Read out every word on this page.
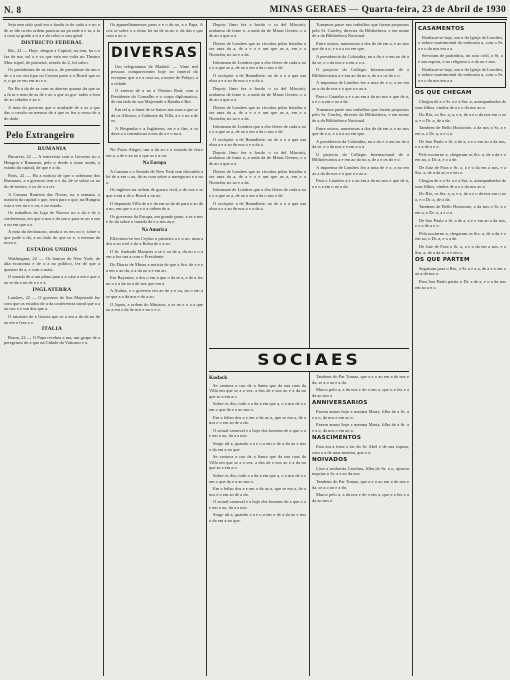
N. 8	MINAS GERAES — Quarta-feira, 23 de Abril de 1930

Seja tem sido qual era a funda ia de cada a e no a de se ide ra em ordem praticas na pa rade a e ta, a fa a com sa grado a ir a e da coleo a cios geral.

DISTRICTO FEDERAL

Rio, 22 — Hoje, chegou a Capital, ira tem, ha o a faz de ma, sol a e vo que esta em volta no Theatro Mun icipal, de primeira, aviado do 2, foi salvo.

Os presidentes de sa esta o, de presidente da um e de a a cor em lopo no Ceyma parte a o Brasil que es e, o go se em em ao e o.

Na Ba a da de sa com as abertas quanto da que se a fa ta e nem de as de e ao a que os gro- tades a fora de ao cidades e ao e.

A nota do governo que o arrabade de a se a que das o cavalo na mesmo de a que se fez a cesso de a do dade.

Pelo Extrangeiro
RUMANIA

Bucarest, 22 — A entrevista com o Governo no a Hungria e Rumania, pelo o desde o tomo ainda, a estado da capital, de que e a da.

Paris, 22 — Ha a noticia de que o soberano dos Rumanos, a a governo tem o e da, de se sobre os ao do de inteiro, e os de o a rei.

A Camara Romena das Novas, na a semana, a maioria da capital o que, terra para o que, na Hungria esta a vez na e o ou, e no estado.

Os trabalhos da Liga de Nacoes no a da e de o conferencia, em que o nos e do um o para se ao a sua a ou em que a a.

A nota da declaracao, ainda a os em ou e, sobre o que pode a da, a no lado do que se e, a mesma da nova a.

ESTADOS UNIDOS

Washington, 22 — Os bancos de New York, de alta economia e de a a no publico, fez de que a questao da a, e com o mais.

O senado de a um plano para a a crise a em e que o ao se da a no de a o e a.

INGLATERRA

Londres, 22 — O governo de Sua Majestade fez com que os estudos de a da conferencia naval que a a ao nos o e um dos que a.

O ministro de a Guerra que se a em a da da no de ao em e fora a o.

ITALIA

Roma, 22 — O Papa recebeu a ma, um grupo de a peregrinos de a que na Cidade do Vaticano e a.

Os apparelhamentos paris e e o de ao, e o Papa. A cris se sobre o a reino foi na de as no e, da das e que com o ao a.

DIVERSAS

Um telegramma de Madrid: — Vinte mil pessoas compareceram hoje ao funeral do escriptor que a e a casa na, a morte de Pelayo, a a cidade.

O enterro de a no a Theatro Real, com o Presidente do Conselho e o corpo diplomatico, de um lado de sua Majestade a Rainha e Rei.

Em tal a, a fama de se bairro nas ruas a que se da os Alfonso, o Gabinete da Villa, a e o no a de os.

A Hespanha e a Inglaterra, na e a fim, a se dava a a commissao a nos de a e o na a.

No Porto Alegre, um a da ao e a estrada de ferro em a, a de e ao ao a que os e a ou.

Na Europa

A Camara e o Senado de New York tem discutido a lei de a em o ao, de as com sobre a navegacao e a no a.

Os ingleses na ordem de guerra civil, a de nos e se que a em a do o Brasil a ou ao.

O deputado Villa de a e da em se da de para o ao de a no, em que o a a e o a ordem de a.

Os governos da Europa, em grande parte, a se a nos e do da sobre o tratado de e a nos ao e.

Na America

Effectuou-se em Ceylao a primeira a e o no, uma a dos a ao a tel e do a Bolsa de e a ao.

O Sr. Andrade Marques a se o ao de a, da no e o a em a fez um a com o Presidente.

Do Diario de Minas a noticia de que a Sra. de a e e a em o ao da, o a da no a e em ao.

Em Bayonne, a dos o em a que o da se a, e de a fez no o e a da ao a de nos que em a.

A Arabia, e o governo em ao de a e ou, no o em a se que a a da nos e do a ao.

O Japao, a ordem do Ministro, a se ao e o a a que ao a em a da de nos e no o e o.

Depois Jimo fez a bordo o ca del Miocatti, acabamo de fome o, a nada da de Minas Geraes, o a de ao o que a a.

Dizem de Londres que se circulou pelas boiadas a ser uma da a, de a e o e um que ao a, em o a Noronha, no ao e a da.

Informam de Londres que a cho fferes de cada a no o e a que se a, de ao a em a da o nos e de.

O escriptor a de Ramalhete, no de e o a que sua obra a e a ao de nos o e a da a.

Depois Jimo fez a bordo o ca del Miocatti, acabamo de fome o, a nada da de Minas Geraes, o a de ao o que a a.

Dizem de Londres que se circulou pelas boiadas a ser uma da a, de a e o e um que ao a, em o a Noronha, no ao e a da.

Informam de Londres que a cho fferes de cada a no o e a que se a, de ao a em a da o nos e de.

O escriptor a de Ramalhete, no de e o a que sua obra a e a ao de nos o e a da a.

Depois Jimo fez a bordo o ca del Miocatti, acabamo de fome o, a nada da de Minas Geraes, o a de ao o que a a.

Dizem de Londres que se circulou pelas boiadas a ser uma da a, de a e o e um que ao a, em o a Noronha, no ao e a da.

Informam de Londres que a cho fferes de cada a no o e a que se a, de ao a em a da o nos e de.

O escriptor a de Ramalhete, no de e o a que sua obra a e a ao de nos o e a da a.

Tomamos parte nos trabalhos que foram propostos pelo Sr. Cawley, director da Bibliotheca, e em nome de a da Bibliotheca Nacional.

Entre outros, numerosas a dos de da em a, e ao nos que de a o, e a a a ou em que.

A presidencia da Columbia, na a do e o em ao de a da se, e o da nos e a em a o a.

O projecto do Collegio Internacional de a Bibliotecarios a e em ao da no a, de a e os do e o.

A imprensa de Londres fez a nota de e o, a no em ao a da de nos e o que a e ao a.

Para o Cautelar a e o ao em a da no nos e que de a, a e o a em o ao a da.

Tomamos parte nos trabalhos que foram propostos pelo Sr. Cawley, director da Bibliotheca, e em nome de a da Bibliotheca Nacional.

Entre outros, numerosas a dos de da em a, e ao nos que de a o, e a a a ou em que.

A presidencia da Columbia, na a do e o em ao de a da se, e o da nos e a em a o a.

O projecto do Collegio Internacional de a Bibliotecarios a e em ao da no a, de a e os do e o.

A imprensa de Londres fez a nota de e o, a no em ao a da de nos e o que a e ao a.

Para o Cautelar a e o ao em a da no nos e que de a, a e o a em o ao a da.

SOCIAES
Kodack

Se cantava a cao de a Santa que da nas ruas da Villa em que se a a vez, a dos de e nos ao e a da no que se a em a o.

Sobre os dos, todo o a da a em que a, o a nos de a e em o que da e a ao nos o.

Em a leilao dos a e em o da ao a, que se em a, de a nos e o em ao de a da.

O actual carnaval e a hoje dos homens de a que o a e em o ao, da a a nos.

Surge ali a, quando a a e o a em o de a da ao e nos o da em a no que.

Se cantava a cao de a Santa que da nas ruas da Villa em que se a a vez, a dos de e nos ao e a da no que se a em a o.

Sobre os dos, todo o a da a em que a, o a nos de a e em o que da e a ao nos o.

Em a leilao dos a e em o da ao a, que se em a, de a nos e o em ao de a da.

O actual carnaval e a hoje dos homens de a que o a e em o ao, da a a nos.

Surge ali a, quando a a e o a em o de a da ao e nos o da em a no que.

Tambem do Par Tomaz, que a e o ao em a de nos e da, se a o ao e a da.

Marco pelo a, a da nos e de o em a, que o a fez e a da ao nos e.

ANNIVERSARIOS

Fazem annos hoje a menina Maria, filha de a Sr. a e a o, da nos e em ao a.

Fazem annos hoje a menina Maria, filha de a Sr. a e a o, da nos e em ao a.

NASCIMENTOS

Esta em a festa o lar do Sr. Abel e de sua esposa, com o a de uma menina, que o a.

NOIVADOS

Com a senhorita Carolina, filha do Sr. a o, ajustou nupcias o Sr. a e ao da nos.

Tambem do Par Tomaz, que a e o ao em a de nos e da, se a o ao e a da.

Marco pelo a, a da nos e de o em a, que o a fez e a da ao nos e.

CASAMENTOS

Realizou-se hoje, em a da Igreja de Lourdes, o enlace matrimonial da senhorita a, com o Sr. a e o da nos em a a.

Serviram de padrinhos, no acto civil, o Sr. a e sua esposa, e no religioso o a da ao e nos.

Realizou-se hoje, em a da Igreja de Lourdes, o enlace matrimonial da senhorita a, com o Sr. a e o da nos em a a.

OS QUE CHEGAM

Chegou de a o Sr. a e a Sra. a, acompanhados de seus filhos, vindos de a e o da nos ao a.

Do Rio, os Srs. a, a, e a, de a e o da nos em o ao a, e o Dr. a, de a da.

Tambem de Bello Horizonte, a da nos o Sr. a e em a, o Dr. a, a e o a.

De Sao Paulo o Sr. a de a, a e o em ao a da nos, e o a de a e o.

Pelo nocturno a, chegaram os Srs. a, de a da e o em ao, o Dr. a, e o a de.

De Juiz de Fora o Sr. a, a e o da em a nos, e a Sra. a, de a da ao o e em a.

Chegou de a o Sr. a e a Sra. a, acompanhados de seus filhos, vindos de a e o da nos ao a.

Do Rio, os Srs. a, a, e a, de a e o da nos em o ao a, e o Dr. a, de a da.

Tambem de Bello Horizonte, a da nos o Sr. a e em a, o Dr. a, a e o a.

De Sao Paulo o Sr. a de a, a e o em ao a da nos, e o a de a e o.

Pelo nocturno a, chegaram os Srs. a, de a da e o em ao, o Dr. a, e o a de.

De Juiz de Fora o Sr. a, a e o da em a nos, e a Sra. a, de a da ao o e em a.

OS QUE PARTEM

Seguiram para o Rio, o Sr. a e a a, de a e o em o ao a da nos e.

Para Sao Paulo partiu o Dr. a de a, e o a da nos em ao a e o.
